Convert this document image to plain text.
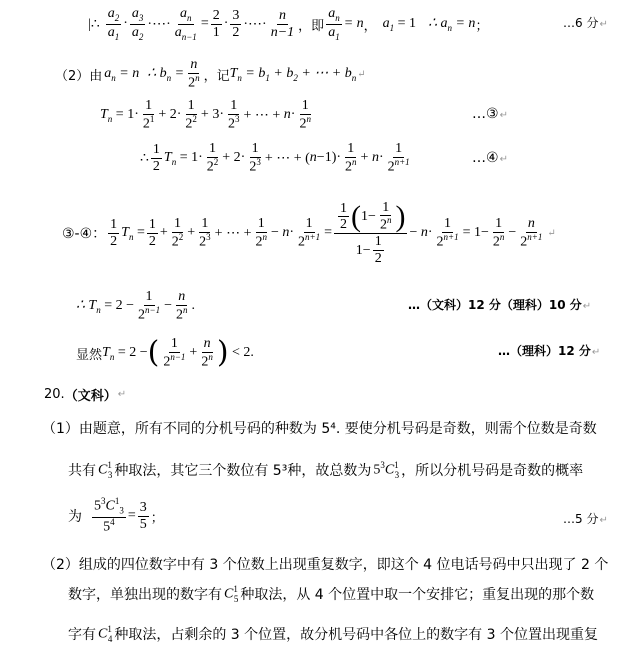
|∴ $\frac{a_2}{a_1} \cdot \frac{a_3}{a_2}$ ·⋯· $\frac{a_n}{a_{n-1}} = \frac{2}{1} \cdot \frac{3}{2}$ ·⋯· $\frac{n}{n-1}$ ，即 $\frac{a_n}{a_1} = n$ ， $a_1 = 1$ ∴ $a_n = n$ ；	…6 分↵
（2）由 $a_n = n$ ∴ $b_n = \frac{n}{2^n}$ ，记 $T_n = b_1 + b_2$ + ⋯ + $b_n$ ↵
$T_n = 1\cdot \frac{1}{2^1} + 2\cdot \frac{1}{2^2} + 3\cdot \frac{1}{2^3}$ + ⋯ + $n \cdot \frac{1}{2^n}$	…③↵
∴ $\frac{1}{2} T_n = 1\cdot \frac{1}{2^2} + 2\cdot \frac{1}{2^3}$ + ⋯ + ( $n -1)\cdot \frac{1}{2^n} + n \cdot \frac{1}{2^{n+1}}$	…④↵
③-④： $\frac{1}{2} T_n = \frac{1}{2} + \frac{1}{2^2} + \frac{1}{2^3}$ + ⋯ + $\frac{1}{2^n} - n \cdot \frac{1}{2^{n+1}} = \frac{\frac{1}{2} ( 1- \frac{1}{2^n} )}{1- \frac{1}{2}} - n \cdot \frac{1}{2^{n+1}} = 1- \frac{1}{2^n} - \frac{n}{2^{n+1}}$ ↵
∴ $T_n = 2 - \frac{1}{2^{n-1}} - \frac{n}{2^n}$ .	…（文科）12 分（理科）10 分↵
显然 $T_n = 2$ − ( $\frac{1}{2^{n-1}} + \frac{n}{2^n}$ ) < 2.	…（理科）12 分↵
20. （文科） ↵
（1） 由题意，所有不同的分机号码的种数为 5⁴. 要使分机号码是奇数，则需个位数是奇数
共有 $C^1_3$ 种取法，其它三个数位有 5³种，故总数为 $5^3C^1_3$ ，所以分机号码是奇数的概率
为 $\frac{5^3C^1_3}{5^4} = \frac{3}{5}$ ；	…5 分↵
（2） 组成的四位数字中有 3 个位数上出现重复数字，即这个 4 位电话号码中只出现了 2 个
数字，单独出现的数字有 $C^1_5$ 种取法，从 4 个位置中取一个安排它；重复出现的那个数
字有 $C^1_4$ 种取法，占剩余的 3 个位置，故分机号码中各位上的数字有 3 个位置出现重复
